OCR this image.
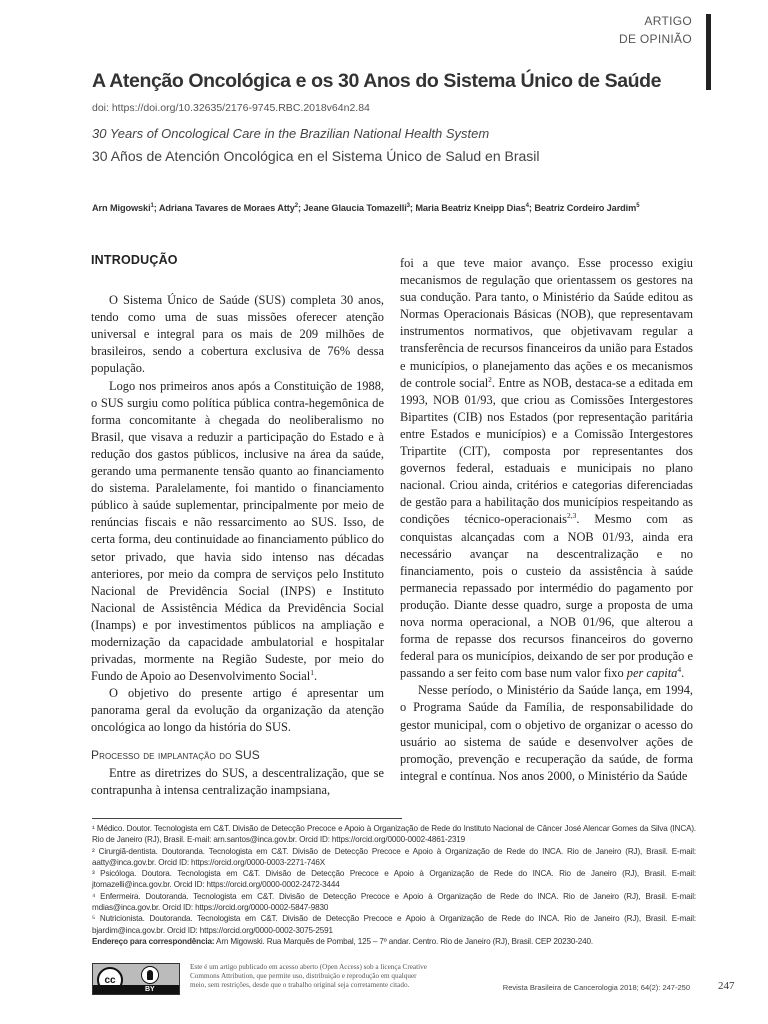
ARTIGO
DE OPINIÃO
A Atenção Oncológica e os 30 Anos do Sistema Único de Saúde
doi: https://doi.org/10.32635/2176-9745.RBC.2018v64n2.84
30 Years of Oncological Care in the Brazilian National Health System
30 Años de Atención Oncológica en el Sistema Único de Salud en Brasil
Arn Migowski$^1$; Adriana Tavares de Moraes Atty$^2$; Jeane Glaucia Tomazelli$^3$; Maria Beatriz Kneipp Dias$^4$; Beatriz Cordeiro Jardim$^5$
INTRODUÇÃO

O Sistema Único de Saúde (SUS) completa 30 anos, tendo como uma de suas missões oferecer atenção universal e integral para os mais de 209 milhões de brasileiros, sendo a cobertura exclusiva de 76% dessa população.

Logo nos primeiros anos após a Constituição de 1988, o SUS surgiu como política pública contra-hegemônica de forma concomitante à chegada do neoliberalismo no Brasil, que visava a reduzir a participação do Estado e à redução dos gastos públicos, inclusive na área da saúde, gerando uma permanente tensão quanto ao financiamento do sistema. Paralelamente, foi mantido o financiamento público à saúde suplementar, principalmente por meio de renúncias fiscais e não ressarcimento ao SUS. Isso, de certa forma, deu continuidade ao financiamento público do setor privado, que havia sido intenso nas décadas anteriores, por meio da compra de serviços pelo Instituto Nacional de Previdência Social (INPS) e Instituto Nacional de Assistência Médica da Previdência Social (Inamps) e por investimentos públicos na ampliação e modernização da capacidade ambulatorial e hospitalar privadas, mormente na Região Sudeste, por meio do Fundo de Apoio ao Desenvolvimento Social$^1$.

O objetivo do presente artigo é apresentar um panorama geral da evolução da organização da atenção oncológica ao longo da história do SUS.

Processo de implantação do SUS

Entre as diretrizes do SUS, a descentralização, que se contrapunha à intensa centralização inampsiana,

foi a que teve maior avanço. Esse processo exigiu mecanismos de regulação que orientassem os gestores na sua condução. Para tanto, o Ministério da Saúde editou as Normas Operacionais Básicas (NOB), que representavam instrumentos normativos, que objetivavam regular a transferência de recursos financeiros da união para Estados e municípios, o planejamento das ações e os mecanismos de controle social$^2$. Entre as NOB, destaca-se a editada em 1993, NOB 01/93, que criou as Comissões Intergestores Bipartites (CIB) nos Estados (por representação paritária entre Estados e municípios) e a Comissão Intergestores Tripartite (CIT), composta por representantes dos governos federal, estaduais e municipais no plano nacional. Criou ainda, critérios e categorias diferenciadas de gestão para a habilitação dos municípios respeitando as condições técnico-operacionais$^{2,3}$. Mesmo com as conquistas alcançadas com a NOB 01/93, ainda era necessário avançar na descentralização e no financiamento, pois o custeio da assistência à saúde permanecia repassado por intermédio do pagamento por produção. Diante desse quadro, surge a proposta de uma nova norma operacional, a NOB 01/96, que alterou a forma de repasse dos recursos financeiros do governo federal para os municípios, deixando de ser por produção e passando a ser feito com base num valor fixo per capita$^4$.

Nesse período, o Ministério da Saúde lança, em 1994, o Programa Saúde da Família, de responsabilidade do gestor municipal, com o objetivo de organizar o acesso do usuário ao sistema de saúde e desenvolver ações de promoção, prevenção e recuperação da saúde, de forma integral e contínua. Nos anos 2000, o Ministério da Saúde

¹ Médico. Doutor. Tecnologista em C&T. Divisão de Detecção Precoce e Apoio à Organização de Rede do Instituto Nacional de Câncer José Alencar Gomes da Silva (INCA). Rio de Janeiro (RJ), Brasil. E-mail: arn.santos@inca.gov.br. Orcid ID: https://orcid.org/0000-0002-4861-2319
² Cirurgiã-dentista. Doutoranda. Tecnologista em C&T. Divisão de Detecção Precoce e Apoio à Organização de Rede do INCA. Rio de Janeiro (RJ), Brasil. E-mail: aatty@inca.gov.br. Orcid ID: https://orcid.org/0000-0003-2271-746X
³ Psicóloga. Doutora. Tecnologista em C&T. Divisão de Detecção Precoce e Apoio à Organização de Rede do INCA. Rio de Janeiro (RJ), Brasil. E-mail: jtomazelli@inca.gov.br. Orcid ID: https://orcid.org/0000-0002-2472-3444
⁴ Enfermeira. Doutoranda. Tecnologista em C&T. Divisão de Detecção Precoce e Apoio à Organização de Rede do INCA. Rio de Janeiro (RJ), Brasil. E-mail: mdias@inca.gov.br. Orcid ID: https://orcid.org/0000-0002-5847-9830
⁵ Nutricionista. Doutoranda. Tecnologista em C&T. Divisão de Detecção Precoce e Apoio à Organização de Rede do INCA. Rio de Janeiro (RJ), Brasil. E-mail: bjardim@inca.gov.br. Orcid ID: https://orcid.org/0000-0002-3075-2591
Endereço para correspondência: Arn Migowski. Rua Marquês de Pombal, 125 – 7º andar. Centro. Rio de Janeiro (RJ), Brasil. CEP 20230-240.
cc
BY
Este é um artigo publicado em acesso aberto (Open Access) sob a licença Creative Commons Attribution, que permite uso, distribuição e reprodução em qualquer meio, sem restrições, desde que o trabalho original seja corretamente citado.	Revista Brasileira de Cancerologia 2018; 64(2): 247-250	247
